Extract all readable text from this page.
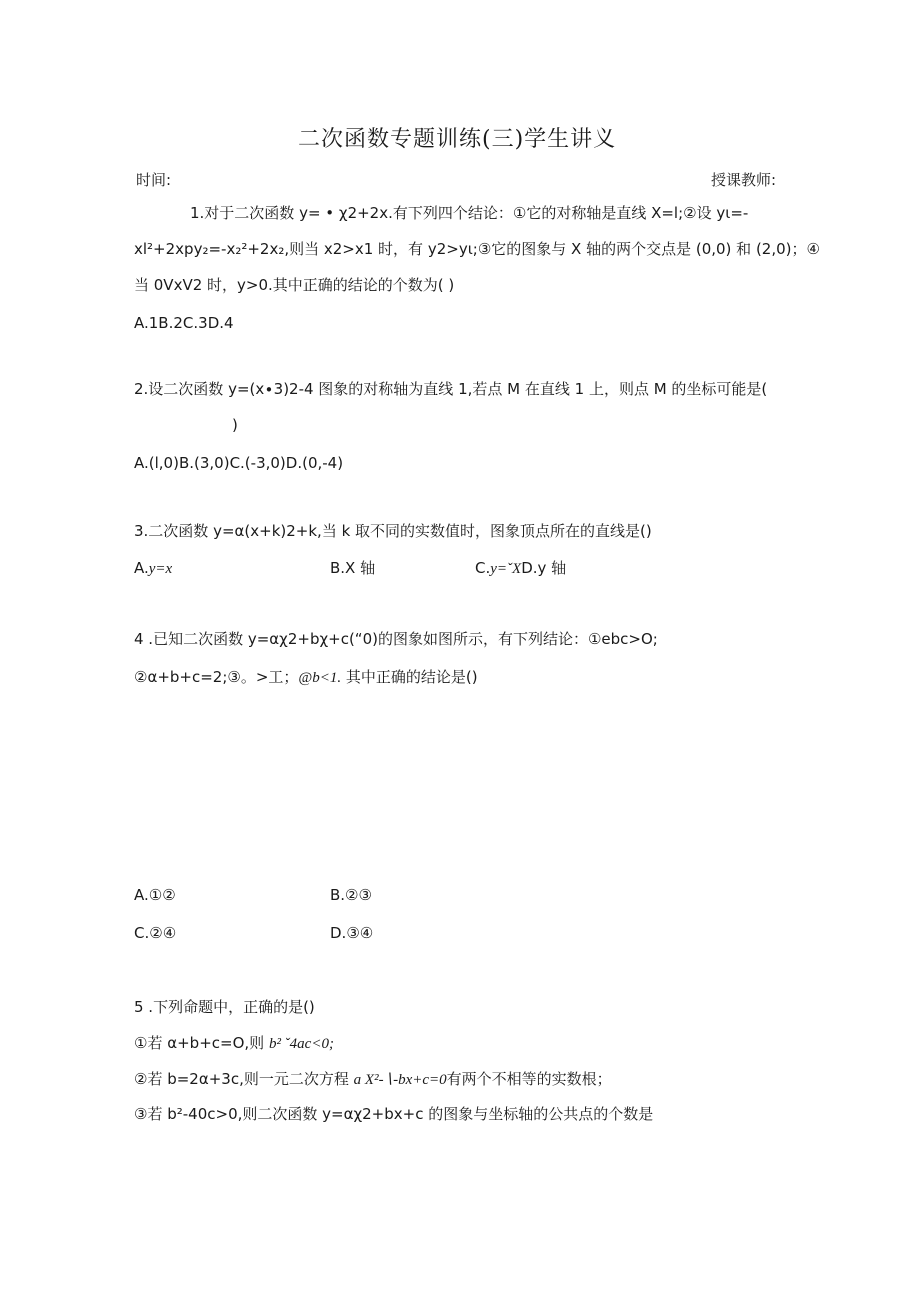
二次函数专题训练(三)学生讲义
时间:	授课教师:
1.对于二次函数 y= • χ2+2x.有下列四个结论：①它的对称轴是直线 X=l;②设 yι=-
xl²+2xpy₂=-x₂²+2x₂,则当 x2>x1 时，有 y2>yι;③它的图象与 X 轴的两个交点是 (0,0) 和 (2,0)；④
当 0VxV2 时，y>0.其中正确的结论的个数为( )
A.1B.2C.3D.4
2.设二次函数 y=(x∙3)2-4 图象的对称轴为直线 1,若点 M 在直线 1 上，则点 M 的坐标可能是(
)
A.(l,0)B.(3,0)C.(-3,0)D.(0,-4)
3.二次函数 y=α(x+k)2+k,当 k 取不同的实数值时，图象顶点所在的直线是()
A.y=x	B.X 轴	C.y=ˇXD.y 轴
4 .已知二次函数 y=αχ2+bχ+c(“0)的图象如图所示，有下列结论：①ebc>O;
②α+b+c=2;③。>工；@b<1. 其中正确的结论是()
A.①②	B.②③
C.②④	D.③④
5 .下列命题中，正确的是()
①若 α+b+c=O,则 b² ˇ4ac<0;
②若 b=2α+3c,则一元二次方程 a X²-∖-bx+c=0有两个不相等的实数根；
③若 b²-40c>0,则二次函数 y=αχ2+bx+c 的图象与坐标轴的公共点的个数是
